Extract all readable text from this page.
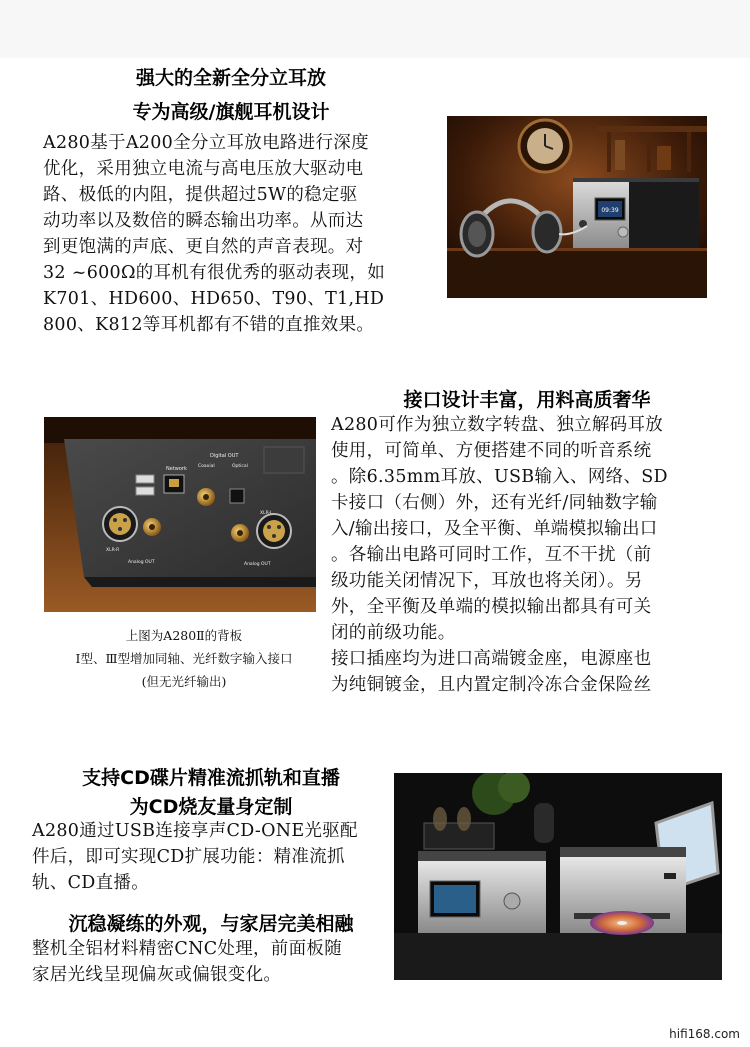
强大的全新全分立耳放
专为高级/旗舰耳机设计

A280基于A200全分立耳放电路进行深度

优化，采用独立电流与高电压放大驱动电

路、极低的内阻，提供超过5W的稳定驱

动功率以及数倍的瞬态输出功率。从而达

到更饱满的声底、更自然的声音表现。对

32 ~600Ω的耳机有很优秀的驱动表现，如

K701、HD600、HD650、T90、T1,HD

800、K812等耳机都有不错的直推效果。

09:39
接口设计丰富，用料高质奢华

A280可作为独立数字转盘、独立解码耳放

使用，可简单、方便搭建不同的听音系统

。除6.35mm耳放、USB输入、网络、SD

卡接口（右侧）外，还有光纤/同轴数字输

入/输出接口，及全平衡、单端模拟输出口

。各输出电路可同时工作，互不干扰（前

级功能关闭情况下，耳放也将关闭）。另

外，全平衡及单端的模拟输出都具有可关

闭的前级功能。

接口插座均为进口高端镀金座，电源座也

为纯铜镀金，且内置定制冷冻合金保险丝

Network
Digital OUT
Coaxial	Optical
XLR-R
Analog OUT
XLR-L
Analog OUT
上图为A280Ⅱ的背板
Ⅰ型、Ⅲ型增加同轴、光纤数字输入接口
(但无光纤输出)
支持CD碟片精准流抓轨和直播
为CD烧友量身定制

A280通过USB连接享声CD-ONE光驱配

件后，即可实现CD扩展功能：精准流抓

轨、CD直播。

沉稳凝练的外观，与家居完美相融

整机全铝材料精密CNC处理，前面板随

家居光线呈现偏灰或偏银变化。

hifi168.com
